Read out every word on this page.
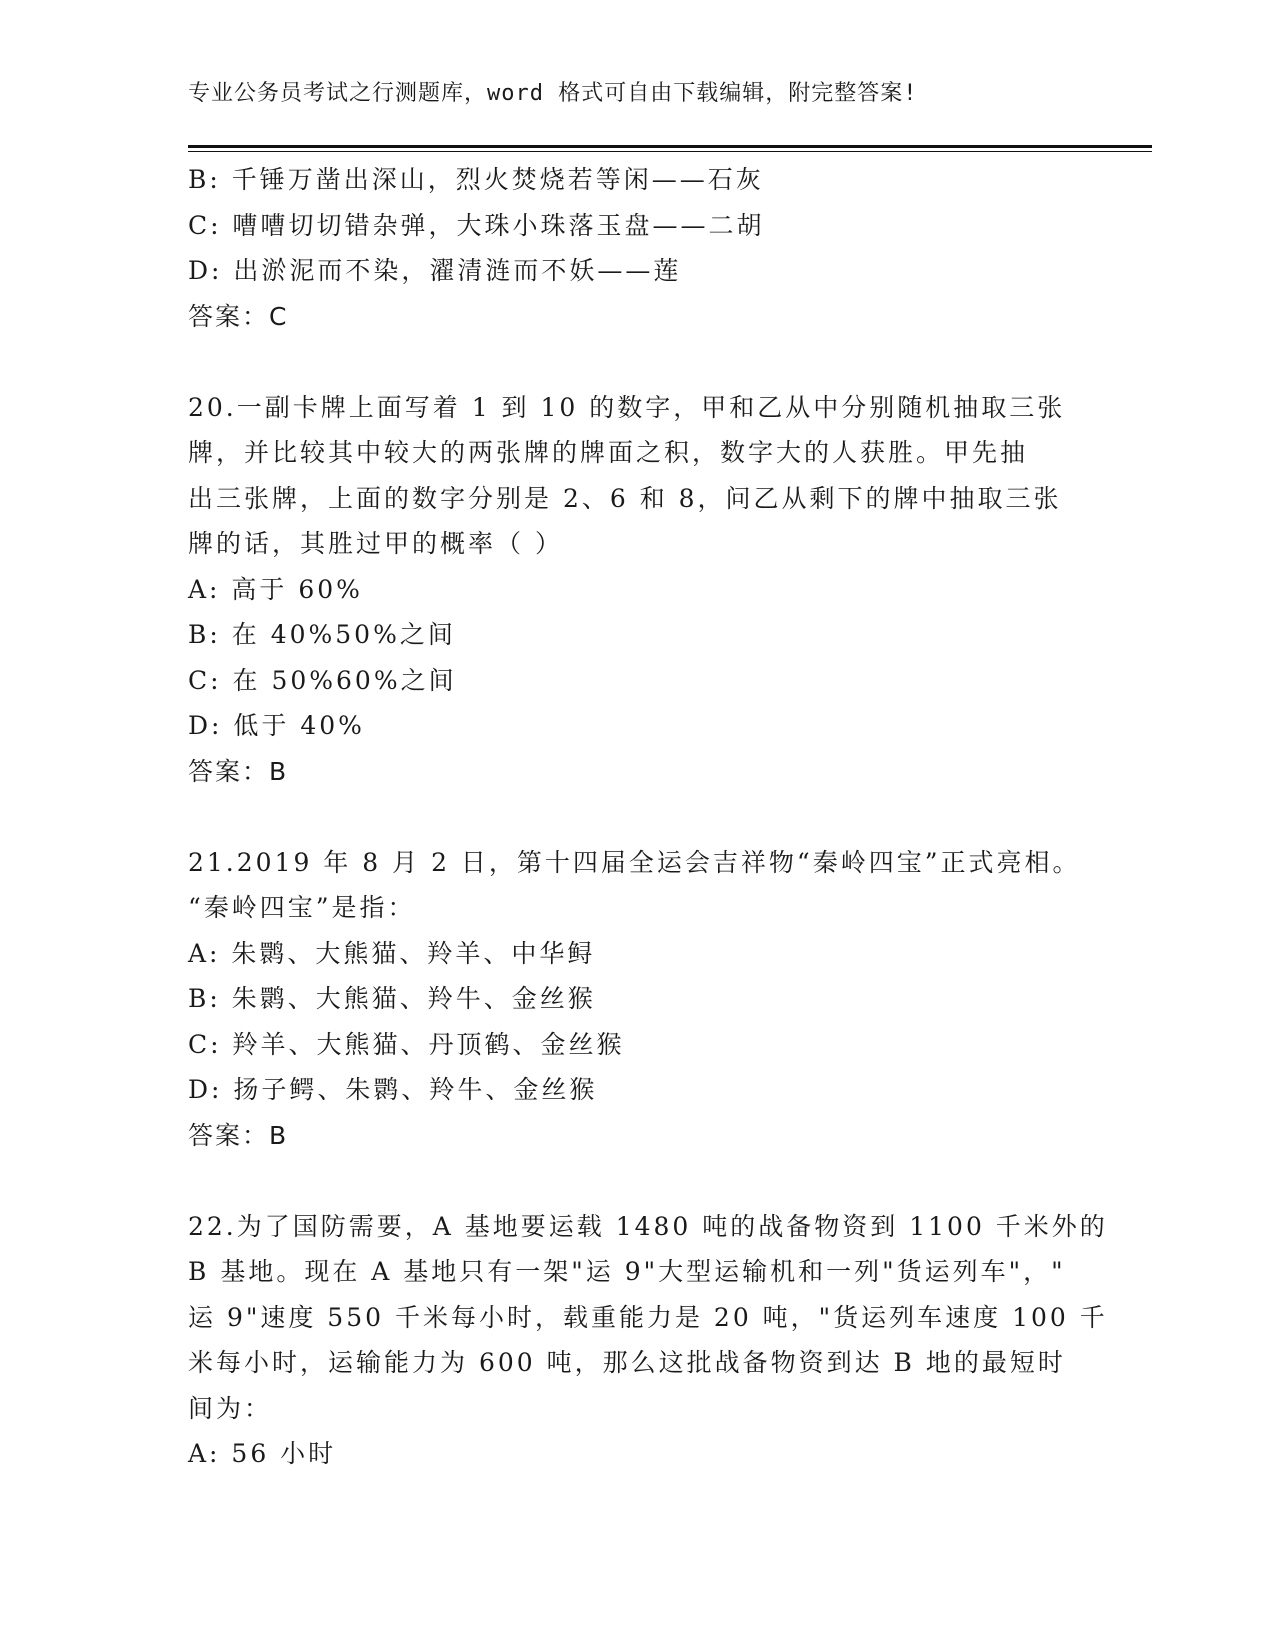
专业公务员考试之行测题库，word 格式可自由下载编辑，附完整答案!
B: 千锤万凿出深山，烈火焚烧若等闲——石灰
C: 嘈嘈切切错杂弹，大珠小珠落玉盘——二胡
D: 出淤泥而不染，濯清涟而不妖——莲
答案：C
20.一副卡牌上面写着 1 到 10 的数字，甲和乙从中分别随机抽取三张
牌，并比较其中较大的两张牌的牌面之积，数字大的人获胜。甲先抽
出三张牌，上面的数字分别是 2、6 和 8，问乙从剩下的牌中抽取三张
牌的话，其胜过甲的概率（ ）
A: 高于 60%
B: 在 40%50%之间
C: 在 50%60%之间
D: 低于 40%
答案：B
21.2019 年 8 月 2 日，第十四届全运会吉祥物“秦岭四宝”正式亮相。
“秦岭四宝”是指：
A: 朱鹮、大熊猫、羚羊、中华鲟
B: 朱鹮、大熊猫、羚牛、金丝猴
C: 羚羊、大熊猫、丹顶鹤、金丝猴
D: 扬子鳄、朱鹮、羚牛、金丝猴
答案：B
22.为了国防需要，A 基地要运载 1480 吨的战备物资到 1100 千米外的
B 基地。现在 A 基地只有一架"运 9"大型运输机和一列"货运列车"，"
运 9"速度 550 千米每小时，载重能力是 20 吨，"货运列车速度 100 千
米每小时，运输能力为 600 吨，那么这批战备物资到达 B 地的最短时
间为：
A: 56 小时
